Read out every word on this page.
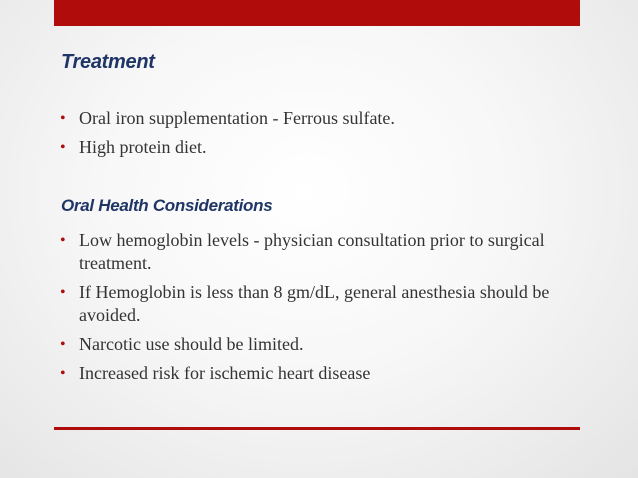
Treatment
• Oral iron supplementation - Ferrous sulfate.
• High protein diet.
Oral Health Considerations
• Low hemoglobin levels - physician consultation prior to surgical treatment.
• If Hemoglobin is less than 8 gm/dL, general anesthesia should be avoided.
• Narcotic use should be limited.
• Increased risk for ischemic heart disease
